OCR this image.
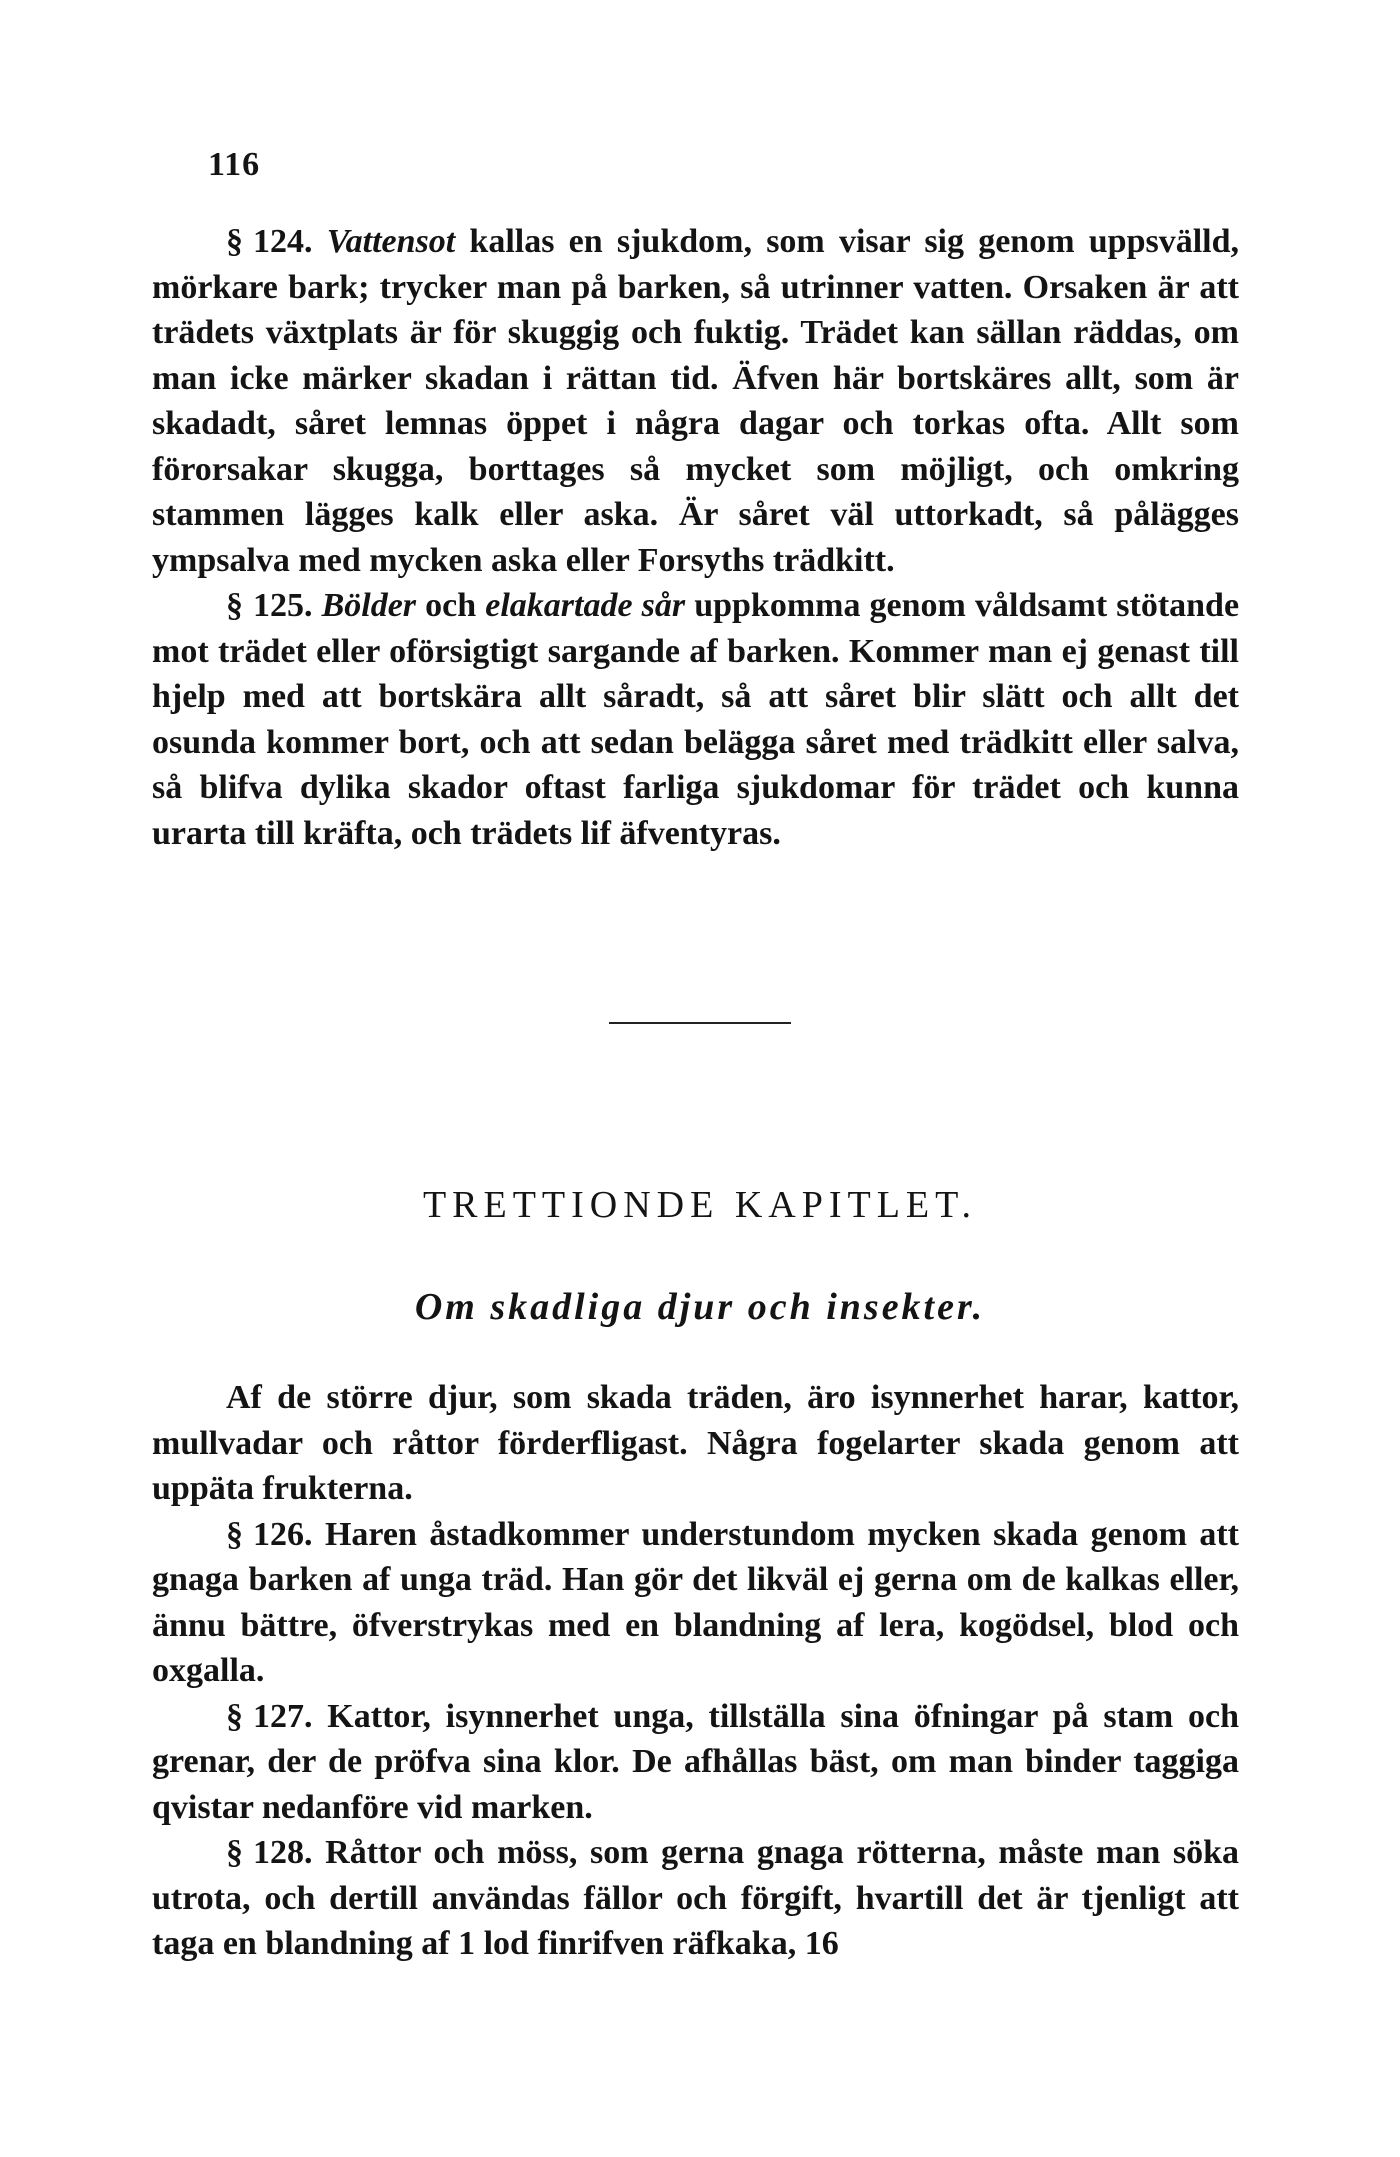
116

§ 124. Vattensot kallas en sjukdom, som visar sig genom uppsvälld, mörkare bark; trycker man på barken, så utrinner vatten. Orsaken är att trädets växtplats är för skuggig och fuktig. Trädet kan sällan räddas, om man icke märker skadan i rättan tid. Äfven här bortskäres allt, som är skadadt, såret lemnas öppet i några dagar och torkas ofta. Allt som förorsakar skugga, borttages så mycket som möjligt, och omkring stammen lägges kalk eller aska. Är såret väl uttorkadt, så pålägges ympsalva med mycken aska eller Forsyths trädkitt.

§ 125. Bölder och elakartade sår uppkomma genom våldsamt stötande mot trädet eller oförsigtigt sargande af barken. Kommer man ej genast till hjelp med att bortskära allt såradt, så att såret blir slätt och allt det osunda kommer bort, och att sedan belägga såret med trädkitt eller salva, så blifva dylika skador oftast farliga sjukdomar för trädet och kunna urarta till kräfta, och trädets lif äfventyras.

TRETTIONDE KAPITLET.
Om skadliga djur och insekter.

Af de större djur, som skada träden, äro isynnerhet harar, kattor, mullvadar och råttor förderfligast. Några fogelarter skada genom att uppäta frukterna.

§ 126. Haren åstadkommer understundom mycken skada genom att gnaga barken af unga träd. Han gör det likväl ej gerna om de kalkas eller, ännu bättre, öfverstrykas med en blandning af lera, kogödsel, blod och oxgalla.

§ 127. Kattor, isynnerhet unga, tillställa sina öfningar på stam och grenar, der de pröfva sina klor. De afhållas bäst, om man binder taggiga qvistar nedanföre vid marken.

§ 128. Råttor och möss, som gerna gnaga rötterna, måste man söka utrota, och dertill användas fällor och förgift, hvartill det är tjenligt att taga en blandning af 1 lod finrifven räfkaka, 16
